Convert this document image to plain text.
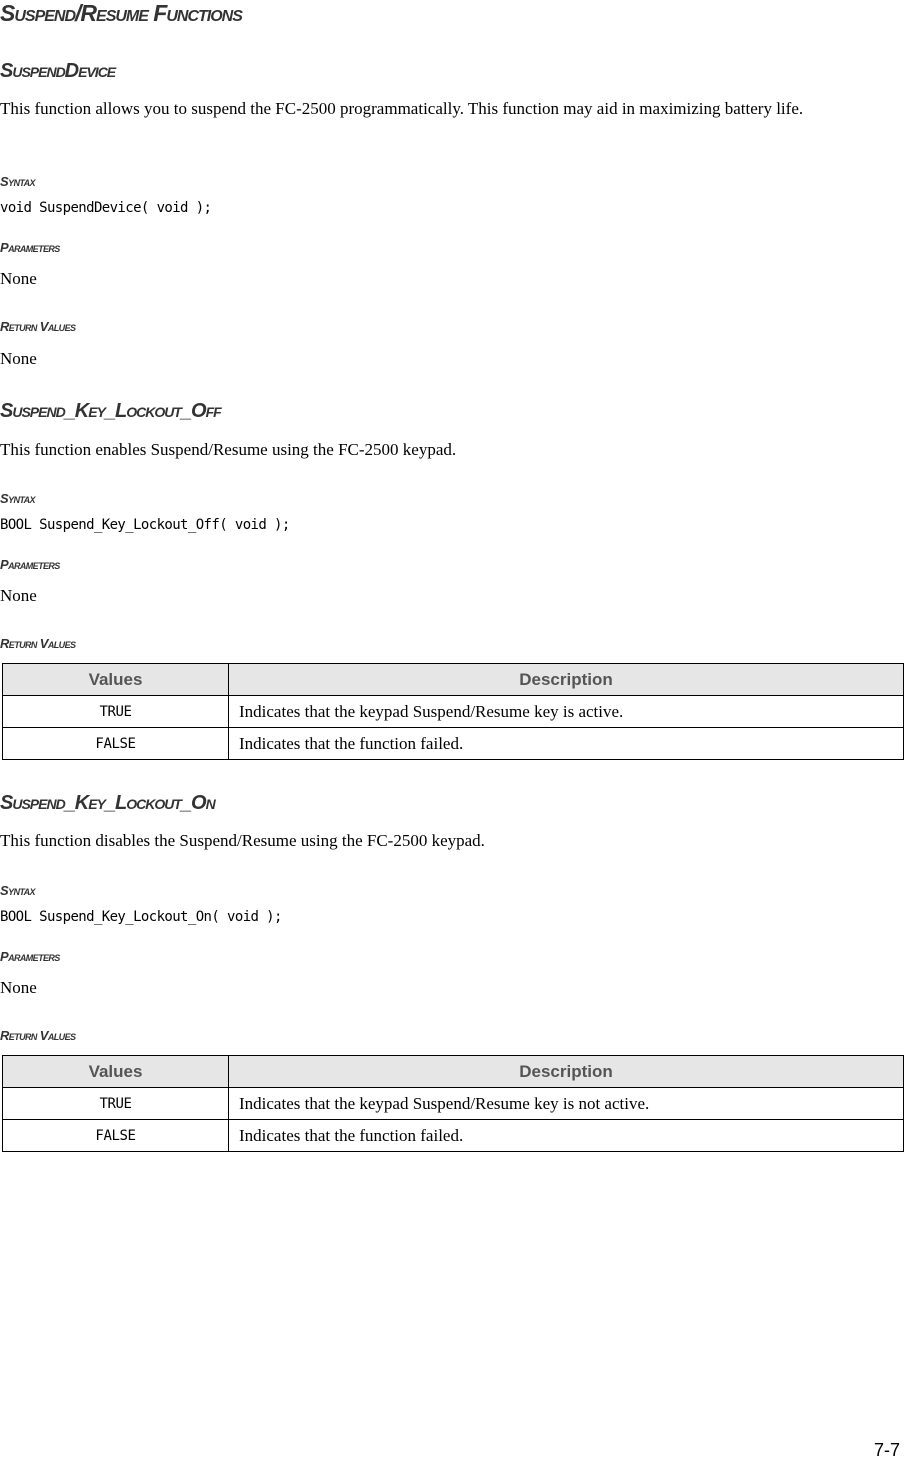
Suspend/Resume Functions
SuspendDevice
This function allows you to suspend the FC-2500 programmatically. This function may aid in maximizing battery life.
Syntax
void SuspendDevice( void );
Parameters
None
Return Values
None
Suspend_Key_Lockout_Off
This function enables Suspend/Resume using the FC-2500 keypad.
Syntax
BOOL Suspend_Key_Lockout_Off( void );
Parameters
None
Return Values
Values	Description
TRUE	Indicates that the keypad Suspend/Resume key is active.
FALSE	Indicates that the function failed.
Suspend_Key_Lockout_On
This function disables the Suspend/Resume using the FC-2500 keypad.
Syntax
BOOL Suspend_Key_Lockout_On( void );
Parameters
None
Return Values
Values	Description
TRUE	Indicates that the keypad Suspend/Resume key is not active.
FALSE	Indicates that the function failed.
7-7
